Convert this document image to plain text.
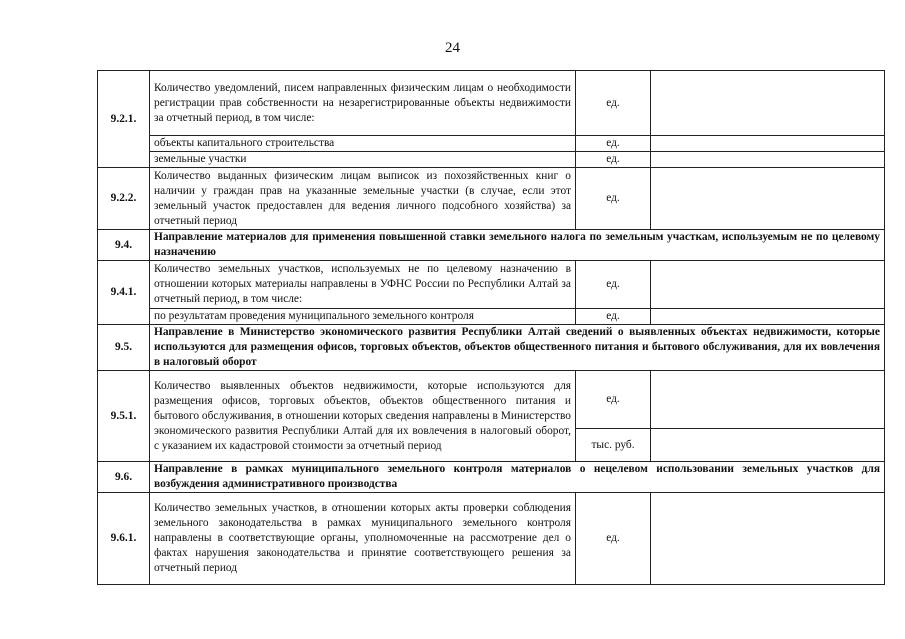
24
9.2.1.	Количество уведомлений, писем направленных физическим лицам о необходимости регистрации прав собственности на незарегистрированные объекты недвижимости за отчетный период, в том числе:	ед.	
	объекты капитального строительства	ед.	
	земельные участки	ед.	
9.2.2.	Количество выданных физическим лицам выписок из похозяйственных книг о наличии у граждан прав на указанные земельные участки (в случае, если этот земельный участок предоставлен для ведения личного подсобного хозяйства) за отчетный период	ед.	
9.4.	Направление материалов для применения повышенной ставки земельного налога по земельным участкам, используемым не по целевому назначению		
9.4.1.	Количество земельных участков, используемых не по целевому назначению в отношении которых материалы направлены в УФНС России по Республики Алтай за отчетный период, в том числе:	ед.	
	по результатам проведения муниципального земельного контроля	ед.	
9.5.	Направление в Министерство экономического развития Республики Алтай сведений о выявленных объектах недвижимости, которые используются для размещения офисов, торговых объектов, объектов общественного питания и бытового обслуживания, для их вовлечения в налоговый оборот		
9.5.1.	Количество выявленных объектов недвижимости, которые используются для размещения офисов, торговых объектов, объектов общественного питания и бытового обслуживания, в отношении которых сведения направлены в Министерство экономического развития Республики Алтай для их вовлечения в налоговый оборот, с указанием их кадастровой стоимости за отчетный период	ед.	
		тыс. руб.	
9.6.	Направление в рамках муниципального земельного контроля материалов о нецелевом использовании земельных участков для возбуждения административного производства		
9.6.1.	Количество земельных участков, в отношении которых акты проверки соблюдения земельного законодательства в рамках муниципального земельного контроля направлены в соответствующие органы, уполномоченные на рассмотрение дел о фактах нарушения законодательства и принятие соответствующего решения за отчетный период	ед.	
